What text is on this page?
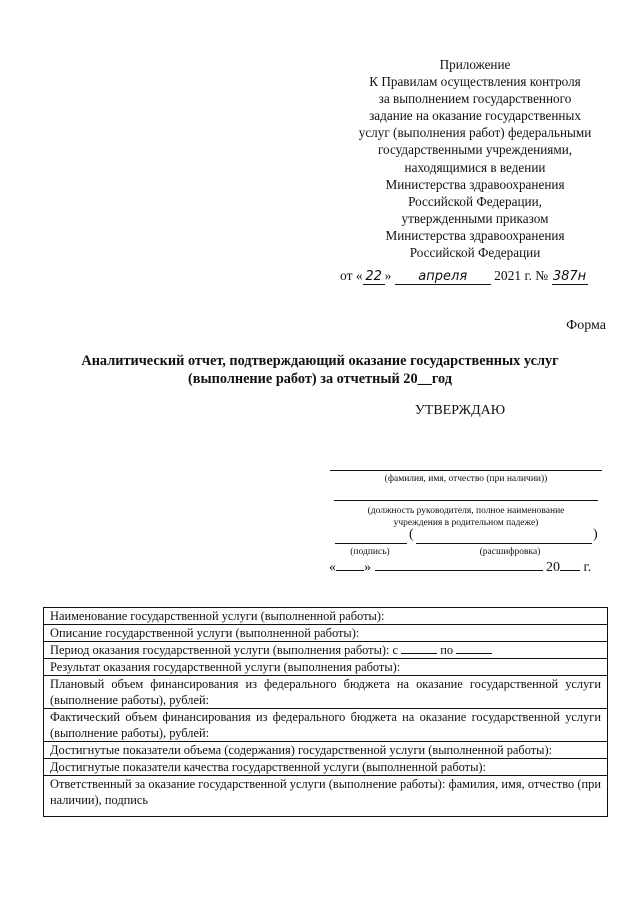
Приложение
К Правилам осуществления контроля
за выполнением государственного
задание на оказание государственных
услуг (выполнения работ) федеральными
государственными учреждениями,
находящимися в ведении
Министерства здравоохранения
Российской Федерации,
утвержденными приказом
Министерства здравоохранения
Российской Федерации
от « 22 » апреля 2021 г. № 387н
Форма
Аналитический отчет, подтверждающий оказание государственных услуг
(выполнение работ) за отчетный 20__год
УТВЕРЖДАЮ
(фамилия, имя, отчество (при наличии))
(должность руководителя, полное наименование
учреждения в родительном падеже)
(	)
(подпись)	(расшифровка)
« »	20 г.
Наименование государственной услуги (выполненной работы):
Описание государственной услуги (выполненной работы):
Период оказания государственной услуги (выполнения работы): с	по
Результат оказания государственной услуги (выполнения работы):
Плановый объем финансирования из федерального бюджета на оказание государственной услуги (выполнение работы), рублей:
Фактический объем финансирования из федерального бюджета на оказание государственной услуги (выполнение работы), рублей:
Достигнутые показатели объема (содержания) государственной услуги (выполненной работы):
Достигнутые показатели качества государственной услуги (выполненной работы):
Ответственный за оказание государственной услуги (выполнение работы): фамилия, имя, отчество (при наличии), подпись
